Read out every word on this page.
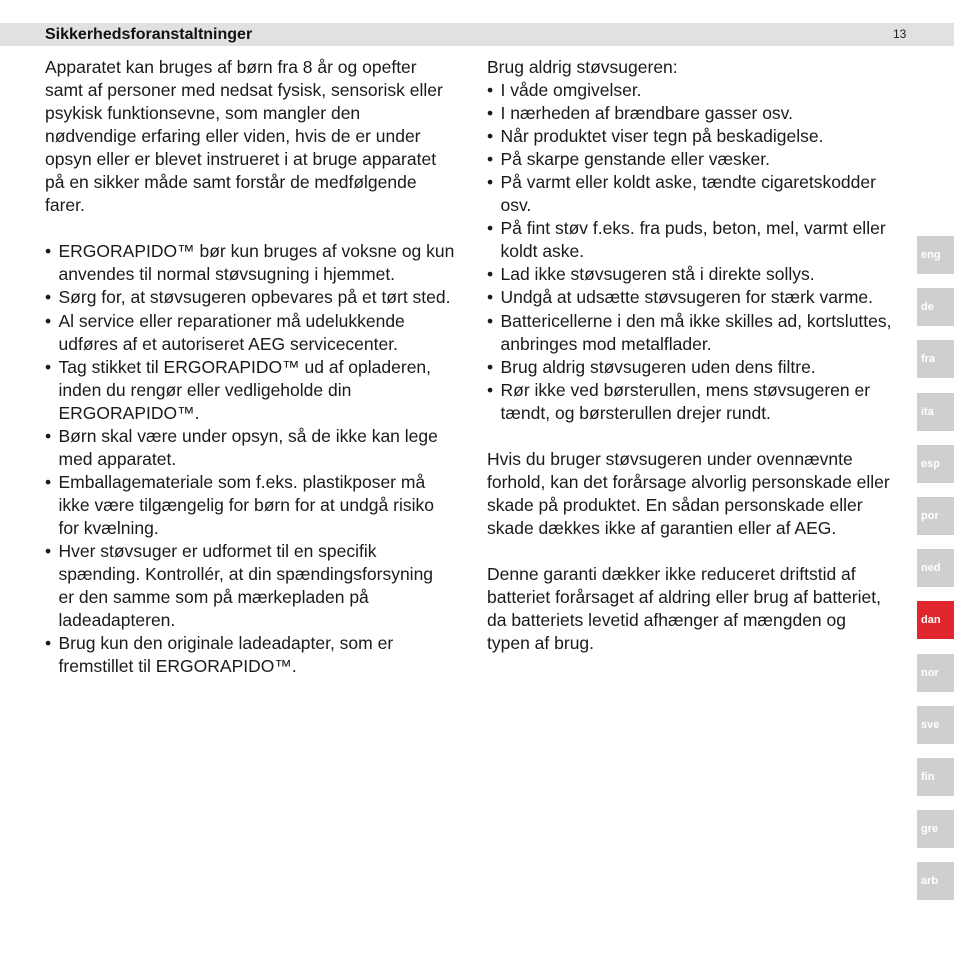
Sikkerhedsforanstaltninger	13

Apparatet kan bruges af børn fra 8 år og opefter
samt af personer med nedsat fysisk, sensorisk eller
psykisk funktionsevne, som mangler den
nødvendige erfaring eller viden, hvis de er under
opsyn eller er blevet instrueret i at bruge apparatet
på en sikker måde samt forstår de medfølgende
farer.

• ERGORAPIDO™ bør kun bruges af voksne og kun
anvendes til normal støvsugning i hjemmet.
• Sørg for, at støvsugeren opbevares på et tørt sted.
• Al service eller reparationer må udelukkende
udføres af et autoriseret AEG servicecenter.
• Tag stikket til ERGORAPIDO™ ud af opladeren,
inden du rengør eller vedligeholde din
ERGORAPIDO™.
• Børn skal være under opsyn, så de ikke kan lege
med apparatet.
• Emballagemateriale som f.eks. plastikposer må
ikke være tilgængelig for børn for at undgå risiko
for kvælning.
• Hver støvsuger er udformet til en specifik
spænding. Kontrollér, at din spændingsforsyning
er den samme som på mærkepladen på
ladeadapteren.
• Brug kun den originale ladeadapter, som er
fremstillet til ERGORAPIDO™.

Brug aldrig støvsugeren:

• I våde omgivelser.
• I nærheden af brændbare gasser osv.
• Når produktet viser tegn på beskadigelse.
• På skarpe genstande eller væsker.
• På varmt eller koldt aske, tændte cigaretskodder
osv.
• På fint støv f.eks. fra puds, beton, mel, varmt eller
koldt aske.
• Lad ikke støvsugeren stå i direkte sollys.
• Undgå at udsætte støvsugeren for stærk varme.
• Battericellerne i den må ikke skilles ad, kortsluttes,
anbringes mod metalflader.
• Brug aldrig støvsugeren uden dens filtre.
• Rør ikke ved børsterullen, mens støvsugeren er
tændt, og børsterullen drejer rundt.

Hvis du bruger støvsugeren under ovennævnte
forhold, kan det forårsage alvorlig personskade eller
skade på produktet. En sådan personskade eller
skade dækkes ikke af garantien eller af AEG.

Denne garanti dækker ikke reduceret driftstid af
batteriet forårsaget af aldring eller brug af batteriet,
da batteriets levetid afhænger af mængden og
typen af brug.

eng
de
fra
ita
esp
por
ned
dan
nor
sve
fin
gre
arb
